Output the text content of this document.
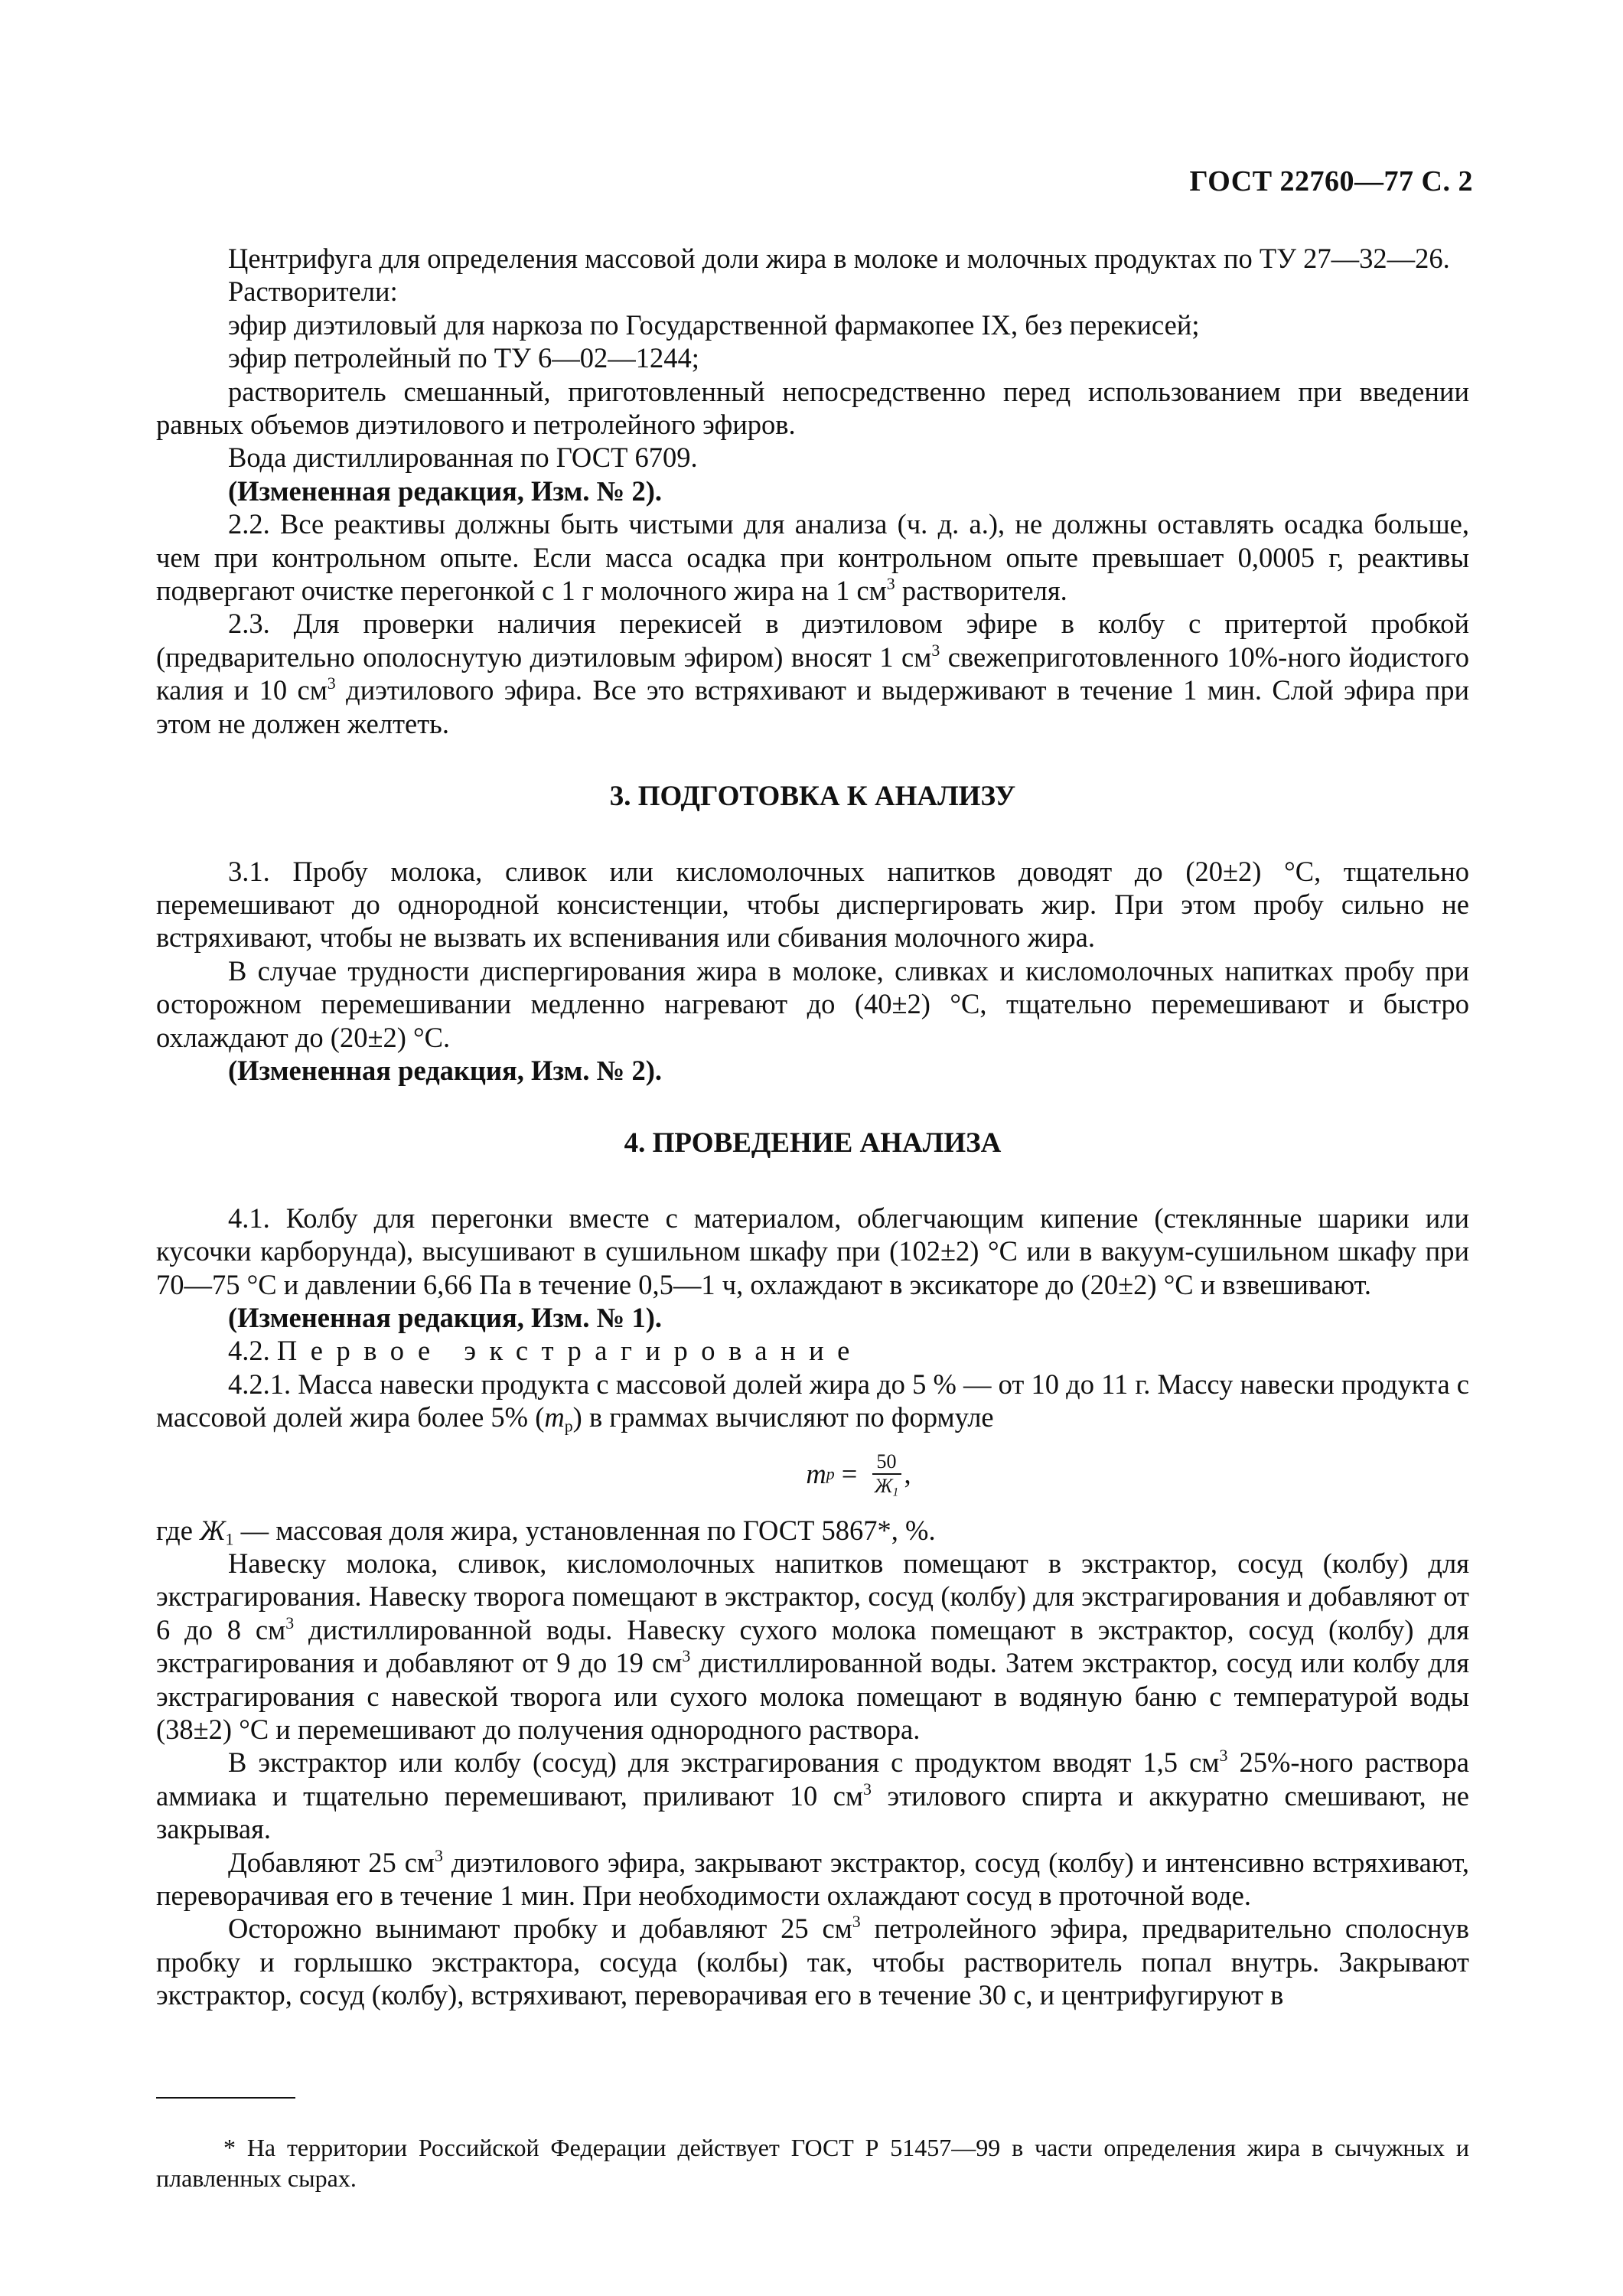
ГОСТ 22760—77 С. 2

Центрифуга для определения массовой доли жира в молоке и молочных продуктах по ТУ 27—32—26.

Растворители:

эфир диэтиловый для наркоза по Государственной фармакопее IX, без перекисей;

эфир петролейный по ТУ 6—02—1244;

растворитель смешанный, приготовленный непосредственно перед использованием при введении равных объемов диэтилового и петролейного эфиров.

Вода дистиллированная по ГОСТ 6709.

(Измененная редакция, Изм. № 2).

2.2. Все реактивы должны быть чистыми для анализа (ч. д. а.), не должны оставлять осадка больше, чем при контрольном опыте. Если масса осадка при контрольном опыте превышает 0,0005 г, реактивы подвергают очистке перегонкой с 1 г молочного жира на 1 $см^3$ растворителя.

2.3. Для проверки наличия перекисей в диэтиловом эфире в колбу с притертой пробкой (предварительно ополоснутую диэтиловым эфиром) вносят 1 $см^3$ свежеприготовленного 10%-ного йодистого калия и 10 $см^3$ диэтилового эфира. Все это встряхивают и выдерживают в течение 1 мин. Слой эфира при этом не должен желтеть.

3. ПОДГОТОВКА К АНАЛИЗУ

3.1. Пробу молока, сливок или кисломолочных напитков доводят до (20±2) °С, тщательно перемешивают до однородной консистенции, чтобы диспергировать жир. При этом пробу сильно не встряхивают, чтобы не вызвать их вспенивания или сбивания молочного жира.

В случае трудности диспергирования жира в молоке, сливках и кисломолочных напитках пробу при осторожном перемешивании медленно нагревают до (40±2) °С, тщательно перемешивают и быстро охлаждают до (20±2) °С.

(Измененная редакция, Изм. № 2).

4. ПРОВЕДЕНИЕ АНАЛИЗА

4.1. Колбу для перегонки вместе с материалом, облегчающим кипение (стеклянные шарики или кусочки карборунда), высушивают в сушильном шкафу при (102±2) °С или в вакуум-сушильном шкафу при 70—75 °С и давлении 6,66 Па в течение 0,5—1 ч, охлаждают в эксикаторе до (20±2) °С и взвешивают.

(Измененная редакция, Изм. № 1).

4.2. Первое экстрагирование

4.2.1. Масса навески продукта с массовой долей жира до 5 % — от 10 до 11 г. Массу навески продукта с массовой долей жира более 5% $(m_р)$ в граммах вычисляют по формуле

m $р = \frac{50}{Ж_1}$ ,

где $Ж_1$ — массовая доля жира, установленная по ГОСТ 5867*, %.

Навеску молока, сливок, кисломолочных напитков помещают в экстрактор, сосуд (колбу) для экстрагирования. Навеску творога помещают в экстрактор, сосуд (колбу) для экстрагирования и добавляют от 6 до 8 $см^3$ дистиллированной воды. Навеску сухого молока помещают в экстрактор, сосуд (колбу) для экстрагирования и добавляют от 9 до 19 $см^3$ дистиллированной воды. Затем экстрактор, сосуд или колбу для экстрагирования с навеской творога или сухого молока помещают в водяную баню с температурой воды (38±2) °С и перемешивают до получения однородного раствора.

В экстрактор или колбу (сосуд) для экстрагирования с продуктом вводят 1,5 $см^3$ 25%-ного раствора аммиака и тщательно перемешивают, приливают 10 $см^3$ этилового спирта и аккуратно смешивают, не закрывая.

Добавляют 25 $см^3$ диэтилового эфира, закрывают экстрактор, сосуд (колбу) и интенсивно встряхивают, переворачивая его в течение 1 мин. При необходимости охлаждают сосуд в проточной воде.

Осторожно вынимают пробку и добавляют 25 $см^3$ петролейного эфира, предварительно сполоснув пробку и горлышко экстрактора, сосуда (колбы) так, чтобы растворитель попал внутрь. Закрывают экстрактор, сосуд (колбу), встряхивают, переворачивая его в течение 30 с, и центрифугируют в

* На территории Российской Федерации действует ГОСТ Р 51457—99 в части определения жира в сычужных и плавленных сырах.
